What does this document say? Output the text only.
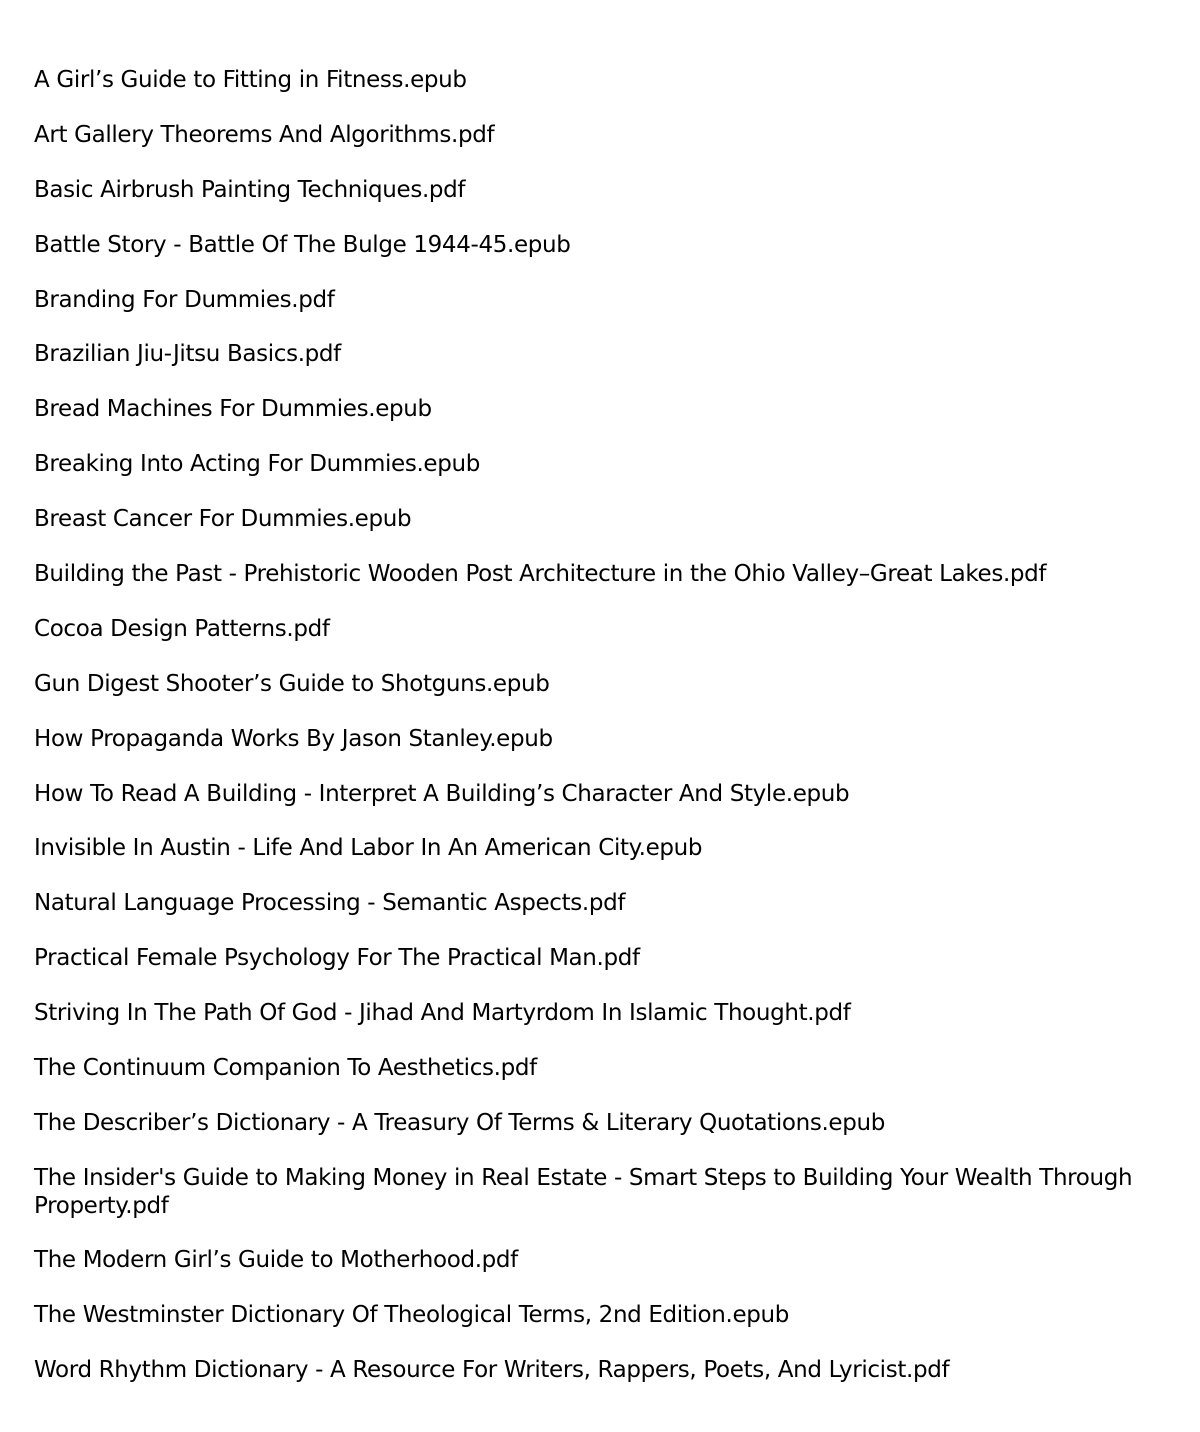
A Girl’s Guide to Fitting in Fitness.epub
Art Gallery Theorems And Algorithms.pdf
Basic Airbrush Painting Techniques.pdf
Battle Story - Battle Of The Bulge 1944-45.epub
Branding For Dummies.pdf
Brazilian Jiu-Jitsu Basics.pdf
Bread Machines For Dummies.epub
Breaking Into Acting For Dummies.epub
Breast Cancer For Dummies.epub
Building the Past - Prehistoric Wooden Post Architecture in the Ohio Valley–Great Lakes.pdf
Cocoa Design Patterns.pdf
Gun Digest Shooter’s Guide to Shotguns.epub
How Propaganda Works By Jason Stanley.epub
How To Read A Building - Interpret A Building’s Character And Style.epub
Invisible In Austin - Life And Labor In An American City.epub
Natural Language Processing - Semantic Aspects.pdf
Practical Female Psychology For The Practical Man.pdf
Striving In The Path Of God - Jihad And Martyrdom In Islamic Thought.pdf
The Continuum Companion To Aesthetics.pdf
The Describer’s Dictionary - A Treasury Of Terms & Literary Quotations.epub
The Insider's Guide to Making Money in Real Estate - Smart Steps to Building Your Wealth Through Property.pdf
The Modern Girl’s Guide to Motherhood.pdf
The Westminster Dictionary Of Theological Terms, 2nd Edition.epub
Word Rhythm Dictionary - A Resource For Writers, Rappers, Poets, And Lyricist.pdf
